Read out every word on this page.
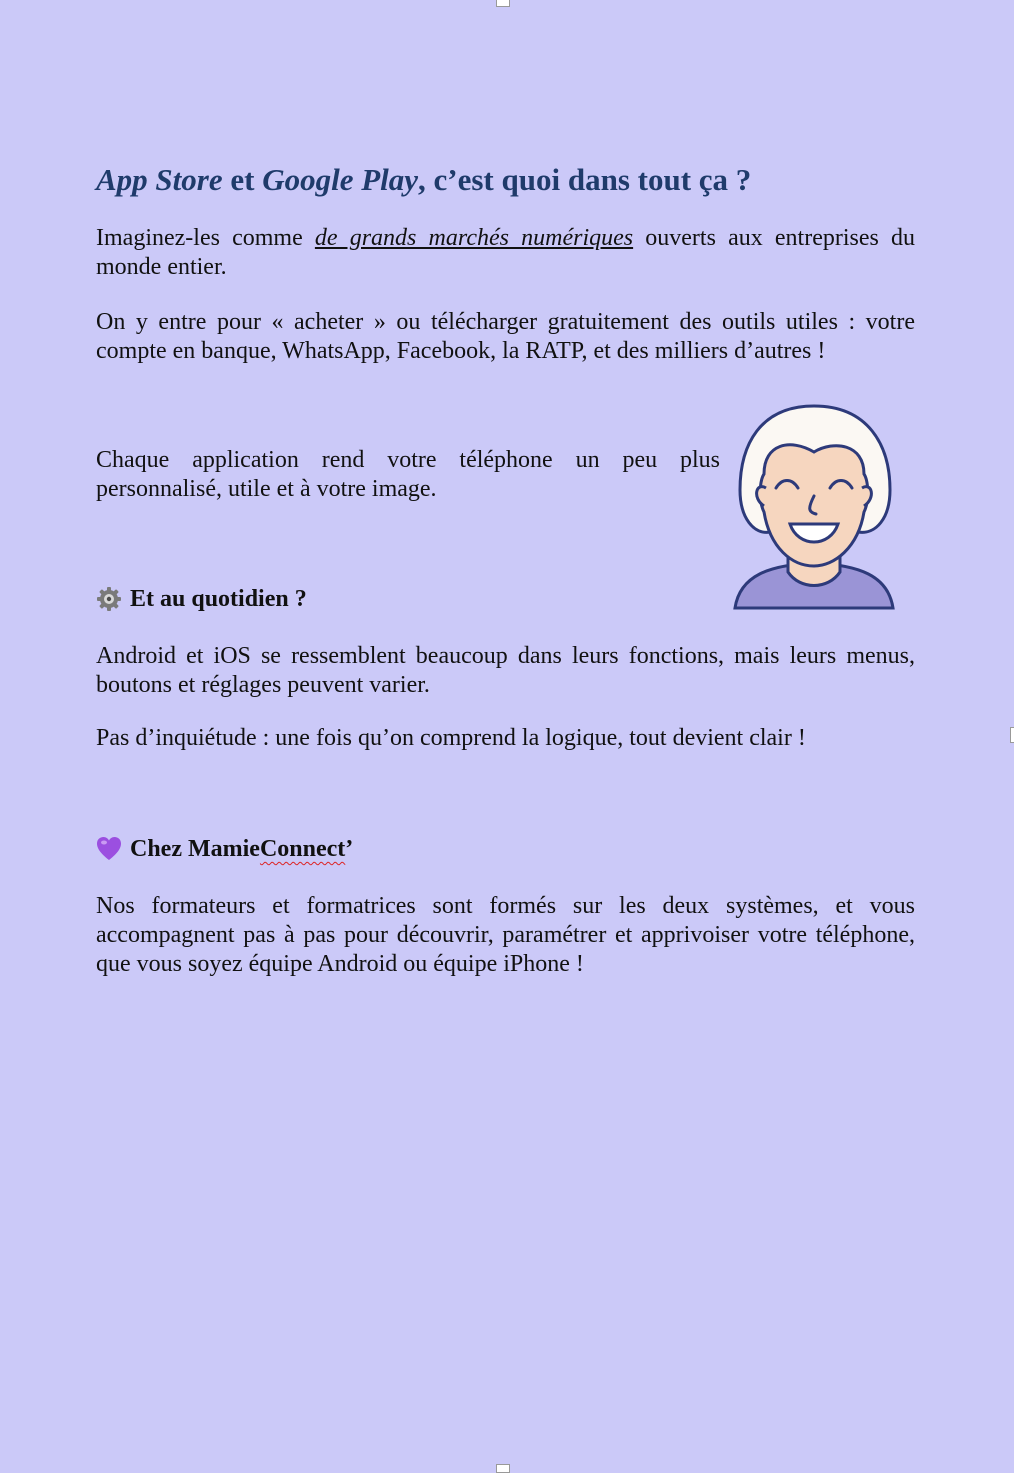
App Store et Google Play, c’est quoi dans tout ça ?

Imaginez-les comme de grands marchés numériques ouverts aux entreprises du monde entier.

On y entre pour « acheter » ou télécharger gratuitement des outils utiles : votre compte en banque, WhatsApp, Facebook, la RATP, et des milliers d’autres !

Chaque application rend votre téléphone un peu plus personnalisé, utile et à votre image.

Et au quotidien ?

Android et iOS se ressemblent beaucoup dans leurs fonctions, mais leurs menus, boutons et réglages peuvent varier.

Pas d’inquiétude : une fois qu’on comprend la logique, tout devient clair !

Chez Mamie Connect ’

Nos formateurs et formatrices sont formés sur les deux systèmes, et vous accompagnent pas à pas pour découvrir, paramétrer et apprivoiser votre téléphone, que vous soyez équipe Android ou équipe iPhone !
